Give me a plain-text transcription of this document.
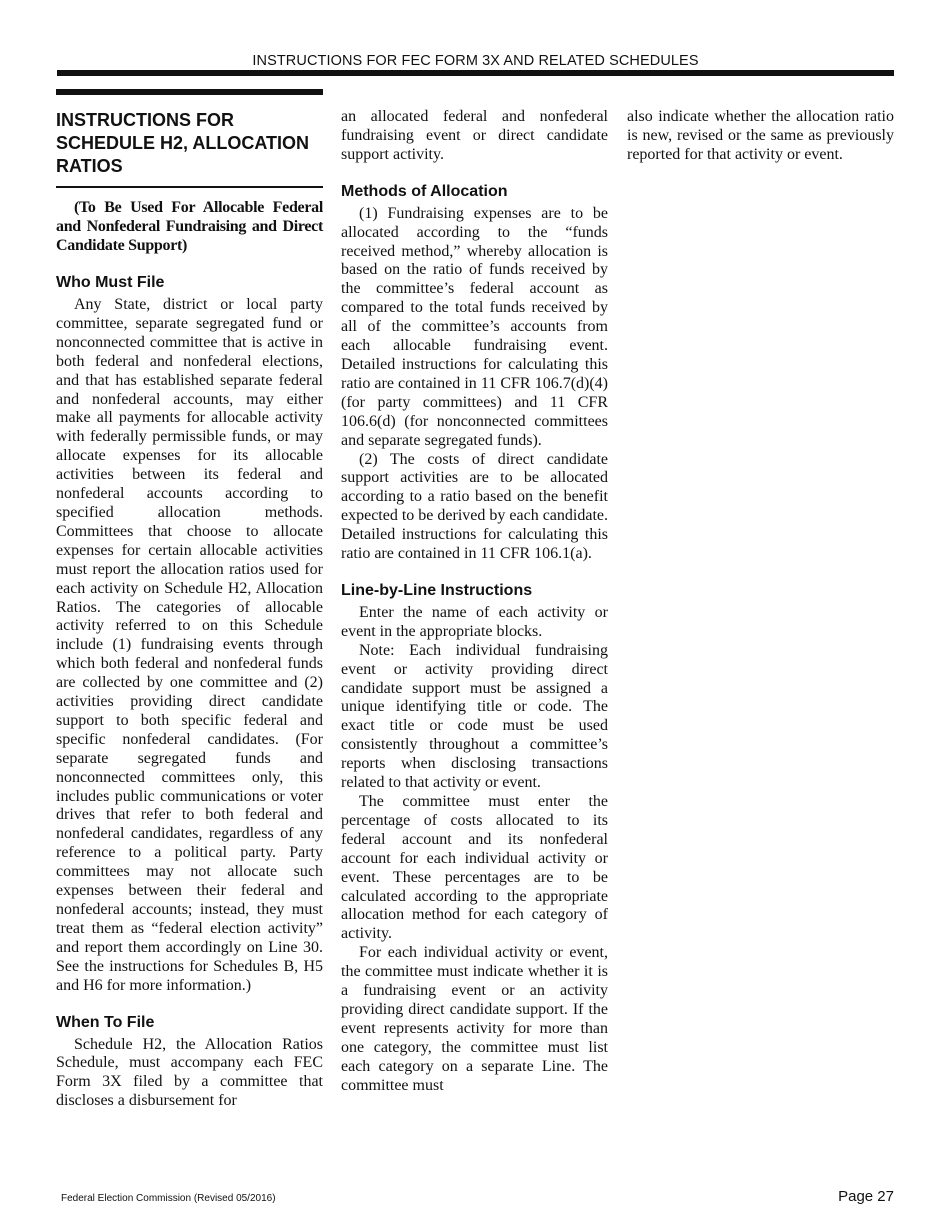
INSTRUCTIONS FOR FEC FORM 3X AND RELATED SCHEDULES
INSTRUCTIONS FOR SCHEDULE H2, ALLOCATION RATIOS

(To Be Used For Allocable Federal and Nonfederal Fundraising and Direct Candidate Support)

Who Must File

Any State, district or local party committee, separate segregated fund or nonconnected committee that is active in both federal and nonfederal elections, and that has established separate federal and nonfederal accounts, may either make all payments for allocable activity with federally permissible funds, or may allocate expenses for its allocable activities between its federal and nonfederal accounts according to specified allocation methods. Committees that choose to allocate expenses for certain allocable activities must report the allocation ratios used for each activity on Schedule H2, Allocation Ratios. The categories of allocable activity referred to on this Schedule include (1) fundraising events through which both federal and nonfederal funds are collected by one committee and (2) activities providing direct candidate support to both specific federal and specific nonfederal candidates. (For separate segregated funds and nonconnected committees only, this includes public communications or voter drives that refer to both federal and nonfederal candidates, regardless of any reference to a political party. Party committees may not allocate such expenses between their federal and nonfederal accounts; instead, they must treat them as “federal election activity” and report them accordingly on Line 30. See the instructions for Schedules B, H5 and H6 for more information.)

When To File

Schedule H2, the Allocation Ratios Schedule, must accompany each FEC Form 3X filed by a committee that discloses a disbursement for

an allocated federal and nonfederal fundraising event or direct candidate support activity.

Methods of Allocation

(1) Fundraising expenses are to be allocated according to the “funds received method,” whereby allocation is based on the ratio of funds received by the committee’s federal account as compared to the total funds received by all of the committee’s accounts from each allocable fundraising event. Detailed instructions for calculating this ratio are contained in 11 CFR 106.7(d)(4) (for party committees) and 11 CFR 106.6(d) (for nonconnected committees and separate segregated funds).

(2) The costs of direct candidate support activities are to be allocated according to a ratio based on the benefit expected to be derived by each candidate. Detailed instructions for calculating this ratio are contained in 11 CFR 106.1(a).

Line-by-Line Instructions

Enter the name of each activity or event in the appropriate blocks.

Note: Each individual fundraising event or activity providing direct candidate support must be assigned a unique identifying title or code. The exact title or code must be used consistently throughout a committee’s reports when disclosing transactions related to that activity or event.

The committee must enter the percentage of costs allocated to its federal account and its nonfederal account for each individual activity or event. These percentages are to be calculated according to the appropriate allocation method for each category of activity.

For each individual activity or event, the committee must indicate whether it is a fundraising event or an activity providing direct candidate support. If the event represents activity for more than one category, the committee must list each category on a separate Line. The committee must

also indicate whether the allocation ratio is new, revised or the same as previously reported for that activity or event.

Federal Election Commission (Revised 05/2016)	Page 27
